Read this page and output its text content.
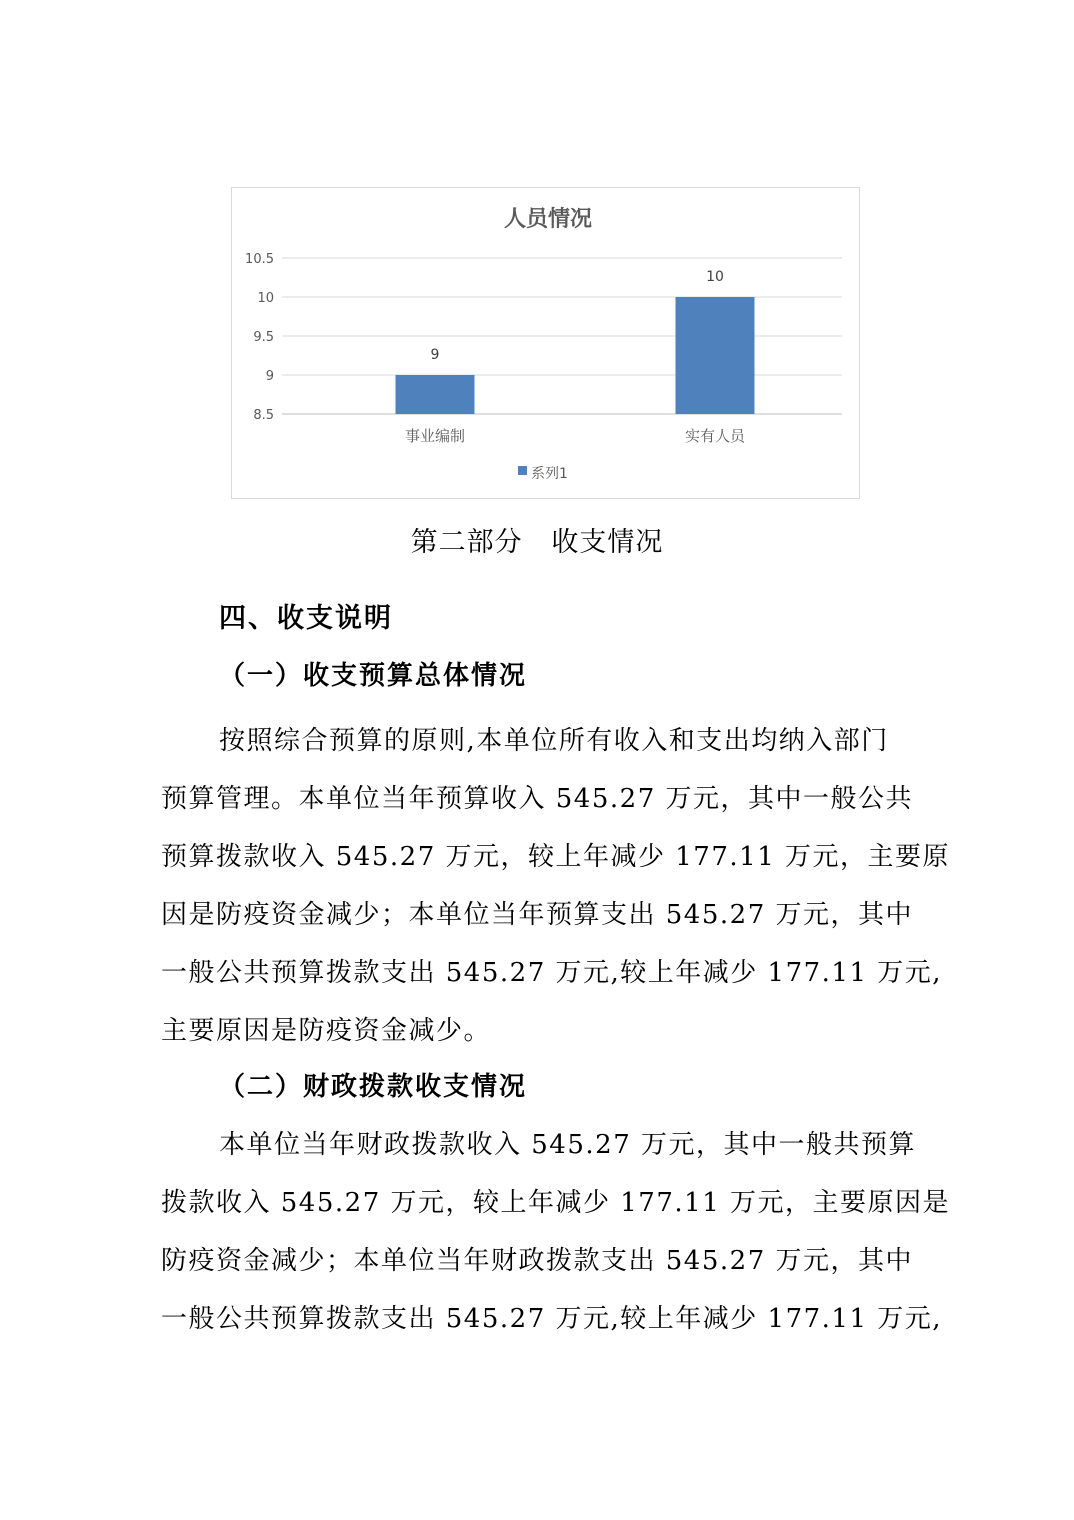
人员情况
10.5
10
9.5
9
8.5
9
事业编制
10
实有人员
系列1
第二部分   收支情况
四、收支说明
（一）收支预算总体情况
按照综合预算的原则,本单位所有收入和支出均纳入部门
预算管理。本单位当年预算收入 545.27 万元，其中一般公共
预算拨款收入 545.27 万元，较上年减少 177.11 万元，主要原
因是防疫资金减少；本单位当年预算支出 545.27 万元，其中
一般公共预算拨款支出 545.27 万元,较上年减少 177.11 万元,
主要原因是防疫资金减少。
（二）财政拨款收支情况
本单位当年财政拨款收入 545.27 万元，其中一般共预算
拨款收入 545.27 万元，较上年减少 177.11 万元，主要原因是
防疫资金减少；本单位当年财政拨款支出 545.27 万元，其中
一般公共预算拨款支出 545.27 万元,较上年减少 177.11 万元,
